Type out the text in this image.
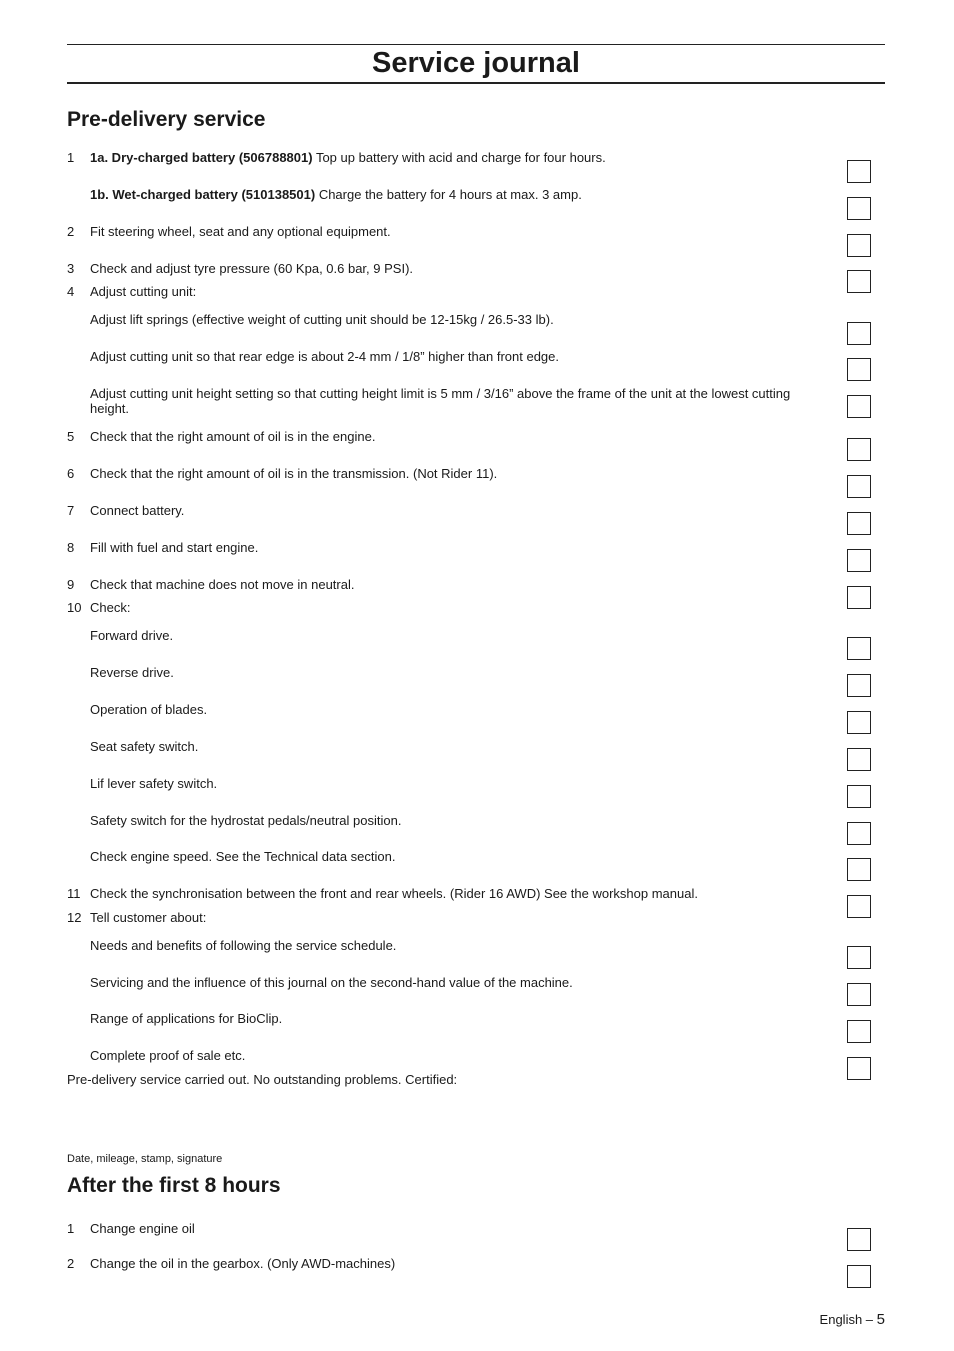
Service journal
Pre-delivery service
1 1a. Dry-charged battery (506788801) Top up battery with acid and charge for four hours.
1b. Wet-charged battery (510138501) Charge the battery for 4 hours at max. 3 amp.
2 Fit steering wheel, seat and any optional equipment.
3 Check and adjust tyre pressure (60 Kpa, 0.6 bar, 9 PSI).
4 Adjust cutting unit:
Adjust lift springs (effective weight of cutting unit should be 12-15kg / 26.5-33 lb).
Adjust cutting unit so that rear edge is about 2-4 mm / 1/8” higher than front edge.
Adjust cutting unit height setting so that cutting height limit is 5 mm / 3/16” above the frame of the unit at the lowest cutting height.
5 Check that the right amount of oil is in the engine.
6 Check that the right amount of oil is in the transmission. (Not Rider 11).
7 Connect battery.
8 Fill with fuel and start engine.
9 Check that machine does not move in neutral.
10 Check:
Forward drive.
Reverse drive.
Operation of blades.
Seat safety switch.
Lif lever safety switch.
Safety switch for the hydrostat pedals/neutral position.
Check engine speed. See the Technical data section.
11 Check the synchronisation between the front and rear wheels. (Rider 16 AWD) See the workshop manual.
12 Tell customer about:
Needs and benefits of following the service schedule.
Servicing and the influence of this journal on the second-hand value of the machine.
Range of applications for BioClip.
Complete proof of sale etc.
Pre-delivery service carried out. No outstanding problems. Certified:
Date, mileage, stamp, signature
After the first 8 hours
1 Change engine oil
2 Change the oil in the gearbox. (Only AWD-machines)
English – 5
